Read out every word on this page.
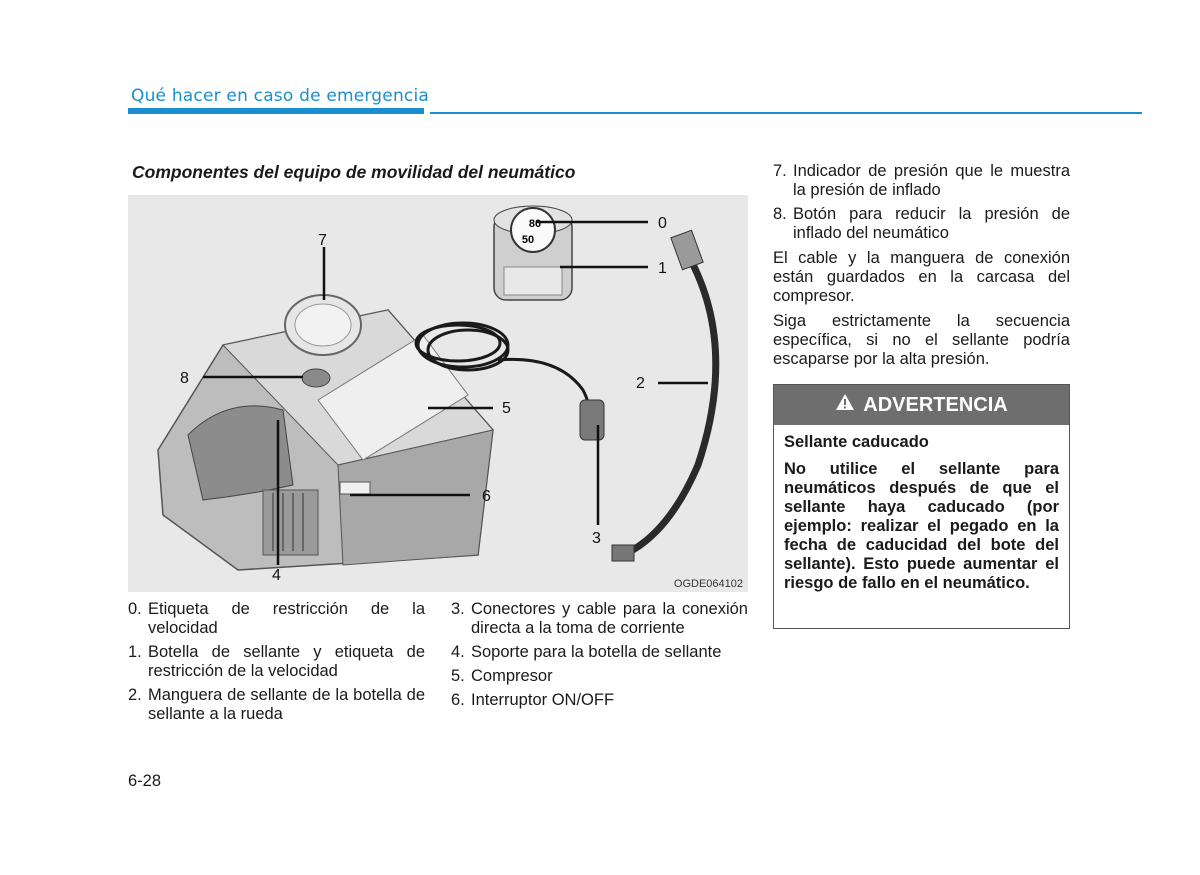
Qué hacer en caso de emergencia
Componentes del equipo de movilidad del neumático
80
50
0
1
2
3
4
5
6
7
8
OGDE064102
0. Etiqueta de restricción de la velocidad
1. Botella de sellante y etiqueta de restricción de la velocidad
2. Manguera de sellante de la botella de sellante a la rueda
3. Conectores y cable para la conexión directa a la toma de corriente
4. Soporte para la botella de sellante
5. Compresor
6. Interruptor ON/OFF
7. Indicador de presión que le muestra la presión de inflado
8. Botón para reducir la presión de inflado del neumático

El cable y la manguera de conexión están guardados en la carcasa del compresor.

Siga estrictamente la secuencia específica, si no el sellante podría escaparse por la alta presión.

ADVERTENCIA
Sellante caducado
No utilice el sellante para neumáticos después de que el sellante haya caducado (por ejemplo: realizar el pegado en la fecha de caducidad del bote del sellante). Esto puede aumentar el riesgo de fallo en el neumático.
6-28
